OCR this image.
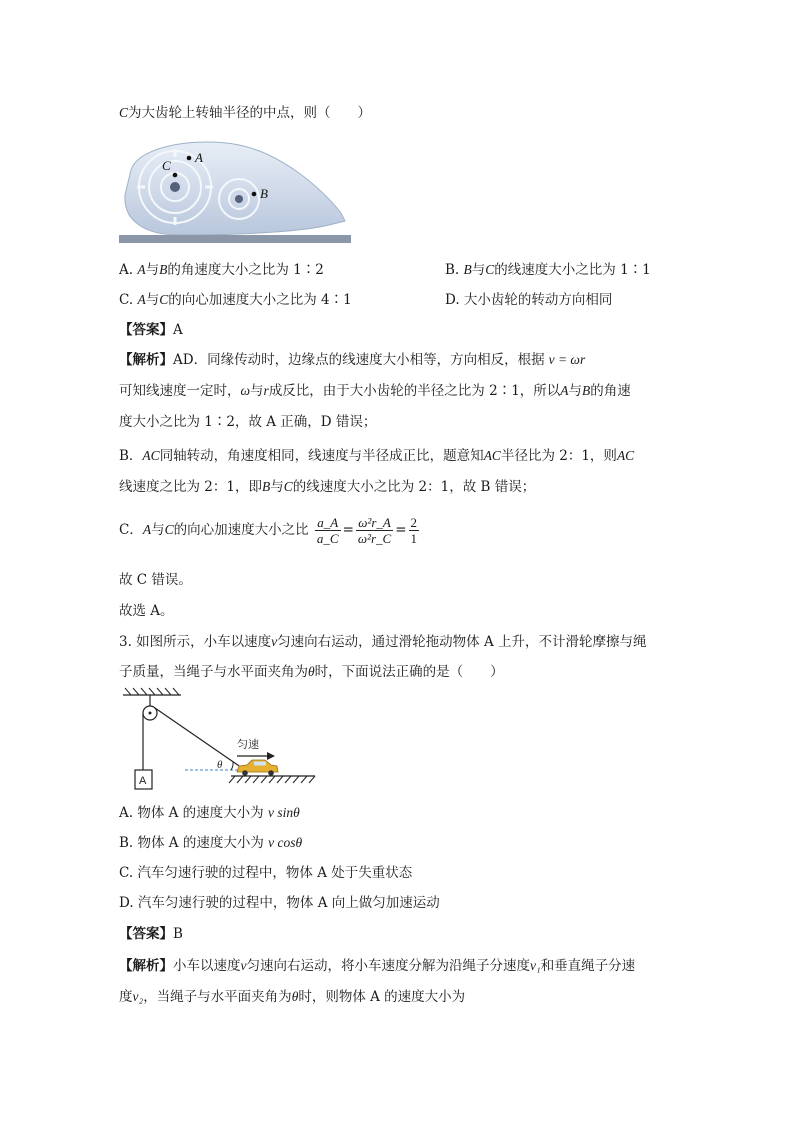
C为大齿轮上转轴半径的中点，则（　　）
A
B
C
A. A与B的角速度大小之比为 1∶2	B. B与C的线速度大小之比为 1∶1
C. A与C的向心加速度大小之比为 4∶1	D. 大小齿轮的转动方向相同
【答案】A
【解析】AD．同缘传动时，边缘点的线速度大小相等，方向相反，根据 v = ωr
可知线速度一定时，ω与r成反比，由于大小齿轮的半径之比为 2∶1，所以A与B的角速
度大小之比为 1∶2，故 A 正确，D 错误；
B．AC同轴转动，角速度相同，线速度与半径成正比，题意知AC半径比为 2：1，则AC
线速度之比为 2：1，即B与C的线速度大小之比为 2：1，故 B 错误；
C．A与C的向心加速度大小之比 $\frac{a\_A}{a\_C} = \frac{\text{ω²r\_A}}{\text{ω²r\_C}} = \frac{2}{1}$
故 C 错误。
故选 A。
3. 如图所示，小车以速度v匀速向右运动，通过滑轮拖动物体 A 上升，不计滑轮摩擦与绳
子质量，当绳子与水平面夹角为θ时，下面说法正确的是（　　）
A
θ
匀速
A. 物体 A 的速度大小为 v sinθ
B. 物体 A 的速度大小为 v cosθ
C. 汽车匀速行驶的过程中，物体 A 处于失重状态
D. 汽车匀速行驶的过程中，物体 A 向上做匀加速运动
【答案】B
【解析】小车以速度v匀速向右运动，将小车速度分解为沿绳子分速度v₁和垂直绳子分速
度v₂，当绳子与水平面夹角为θ时，则物体 A 的速度大小为
